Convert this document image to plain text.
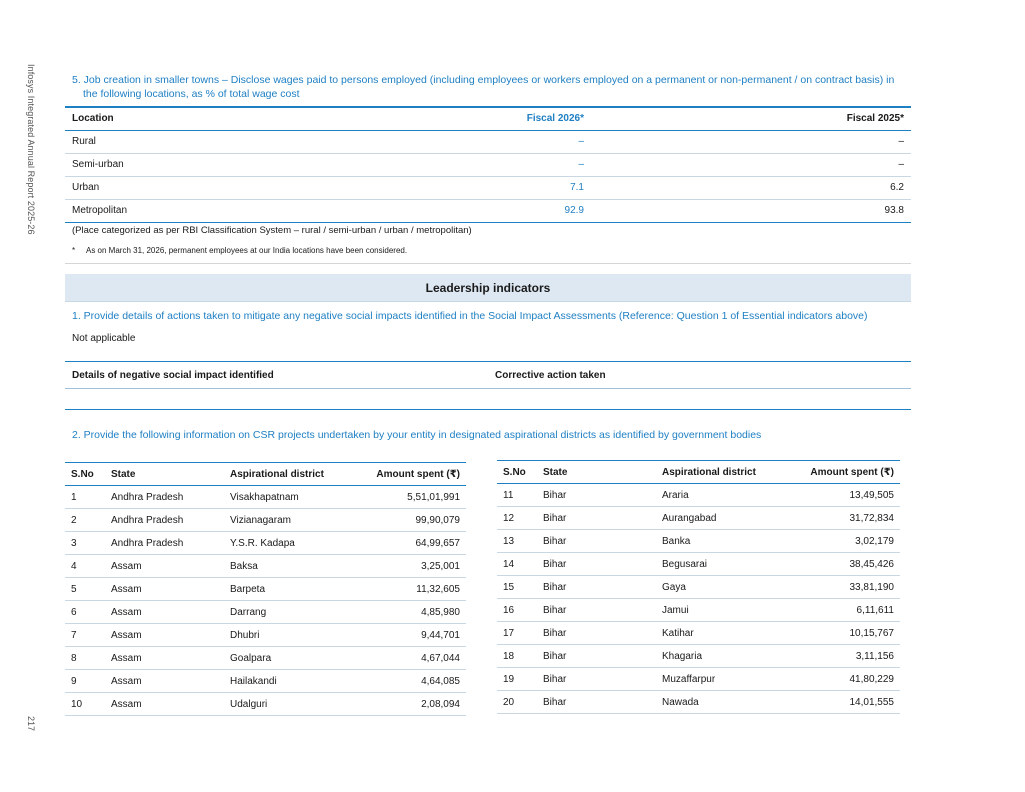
Infosys Integrated Annual Report 2025-26
217
5. Job creation in smaller towns – Disclose wages paid to persons employed (including employees or workers employed on a permanent or non-permanent / on contract basis) in the following locations, as % of total wage cost
Location	Fiscal 2026*	Fiscal 2025*
Rural	–	–
Semi-urban	–	–
Urban	7.1	6.2
Metropolitan	92.9	93.8
(Place categorized as per RBI Classification System – rural / semi-urban / urban / metropolitan)
* As on March 31, 2026, permanent employees at our India locations have been considered.
Leadership indicators
1. Provide details of actions taken to mitigate any negative social impacts identified in the Social Impact Assessments (Reference: Question 1 of Essential indicators above)
Not applicable
Details of negative social impact identified	Corrective action taken

2. Provide the following information on CSR projects undertaken by your entity in designated aspirational districts as identified by government bodies
S.No	State	Aspirational district	Amount spent (₹)
1	Andhra Pradesh	Visakhapatnam	5,51,01,991
2	Andhra Pradesh	Vizianagaram	99,90,079
3	Andhra Pradesh	Y.S.R. Kadapa	64,99,657
4	Assam	Baksa	3,25,001
5	Assam	Barpeta	11,32,605
6	Assam	Darrang	4,85,980
7	Assam	Dhubri	9,44,701
8	Assam	Goalpara	4,67,044
9	Assam	Hailakandi	4,64,085
10	Assam	Udalguri	2,08,094
S.No	State	Aspirational district	Amount spent (₹)
11	Bihar	Araria	13,49,505
12	Bihar	Aurangabad	31,72,834
13	Bihar	Banka	3,02,179
14	Bihar	Begusarai	38,45,426
15	Bihar	Gaya	33,81,190
16	Bihar	Jamui	6,11,611
17	Bihar	Katihar	10,15,767
18	Bihar	Khagaria	3,11,156
19	Bihar	Muzaffarpur	41,80,229
20	Bihar	Nawada	14,01,555
